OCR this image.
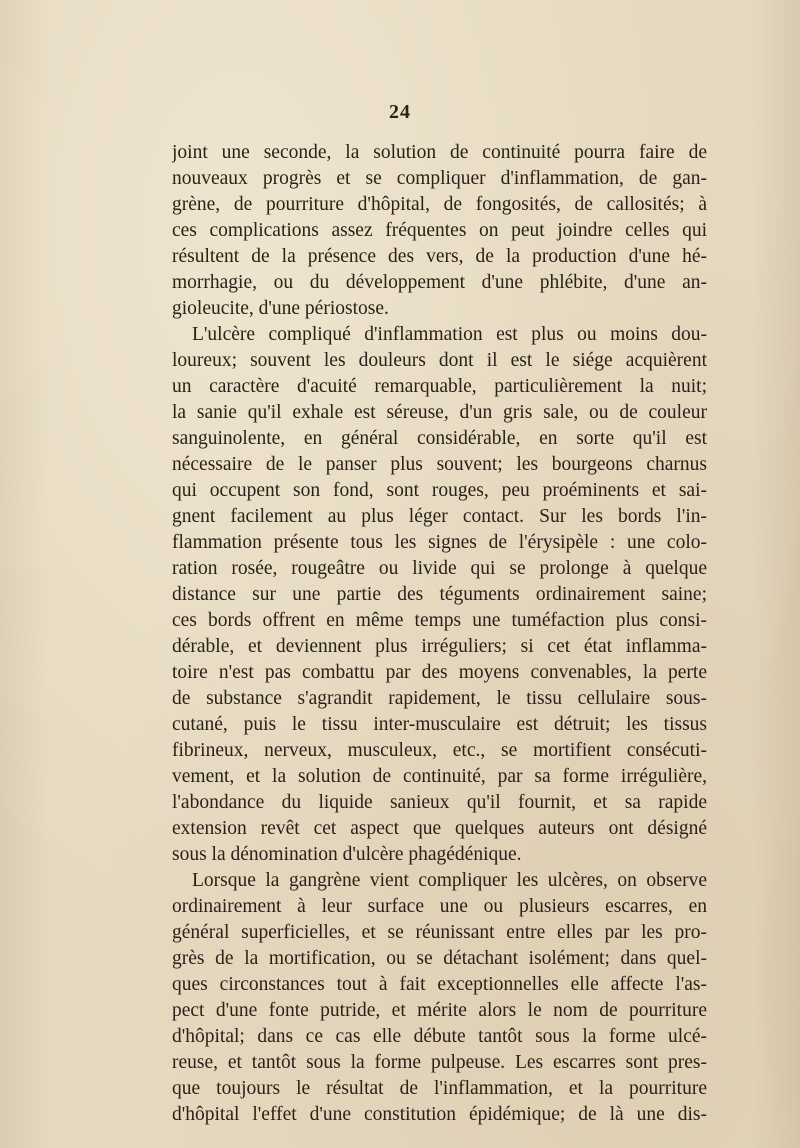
24
joint une seconde, la solution de continuité pourra faire de
nouveaux progrès et se compliquer d'inflammation, de gan-
grène, de pourriture d'hôpital, de fongosités, de callosités; à
ces complications assez fréquentes on peut joindre celles qui
résultent de la présence des vers, de la production d'une hé-
morrhagie, ou du développement d'une phlébite, d'une an-
gioleucite, d'une périostose.
L'ulcère compliqué d'inflammation est plus ou moins dou-
loureux; souvent les douleurs dont il est le siége acquièrent
un caractère d'acuité remarquable, particulièrement la nuit;
la sanie qu'il exhale est séreuse, d'un gris sale, ou de couleur
sanguinolente, en général considérable, en sorte qu'il est
nécessaire de le panser plus souvent; les bourgeons charnus
qui occupent son fond, sont rouges, peu proéminents et sai-
gnent facilement au plus léger contact. Sur les bords l'in-
flammation présente tous les signes de l'érysipèle : une colo-
ration rosée, rougeâtre ou livide qui se prolonge à quelque
distance sur une partie des téguments ordinairement saine;
ces bords offrent en même temps une tuméfaction plus consi-
dérable, et deviennent plus irréguliers; si cet état inflamma-
toire n'est pas combattu par des moyens convenables, la perte
de substance s'agrandit rapidement, le tissu cellulaire sous-
cutané, puis le tissu inter-musculaire est détruit; les tissus
fibrineux, nerveux, musculeux, etc., se mortifient consécuti-
vement, et la solution de continuité, par sa forme irrégulière,
l'abondance du liquide sanieux qu'il fournit, et sa rapide
extension revêt cet aspect que quelques auteurs ont désigné
sous la dénomination d'ulcère phagédénique.
Lorsque la gangrène vient compliquer les ulcères, on observe
ordinairement à leur surface une ou plusieurs escarres, en
général superficielles, et se réunissant entre elles par les pro-
grès de la mortification, ou se détachant isolément; dans quel-
ques circonstances tout à fait exceptionnelles elle affecte l'as-
pect d'une fonte putride, et mérite alors le nom de pourriture
d'hôpital; dans ce cas elle débute tantôt sous la forme ulcé-
reuse, et tantôt sous la forme pulpeuse. Les escarres sont pres-
que toujours le résultat de l'inflammation, et la pourriture
d'hôpital l'effet d'une constitution épidémique; de là une dis-
